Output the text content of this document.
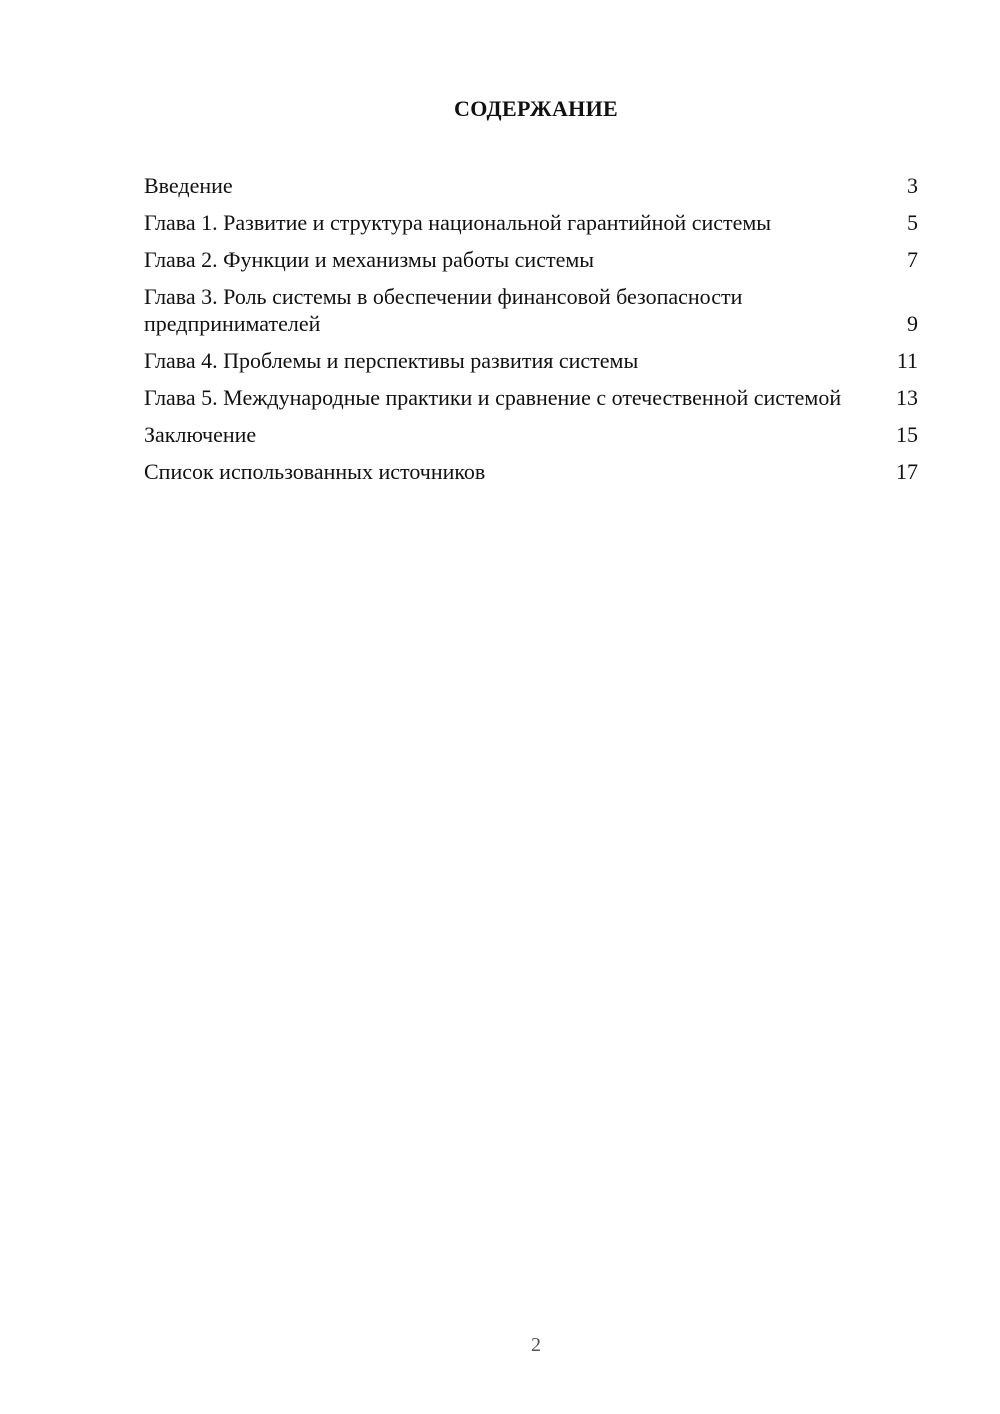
СОДЕРЖАНИЕ
Введение	3
Глава 1. Развитие и структура национальной гарантийной системы	5
Глава 2. Функции и механизмы работы системы	7
Глава 3. Роль системы в обеспечении финансовой безопасности предпринимателей	9
Глава 4. Проблемы и перспективы развития системы	11
Глава 5. Международные практики и сравнение с отечественной системой	13
Заключение	15
Список использованных источников	17
2
